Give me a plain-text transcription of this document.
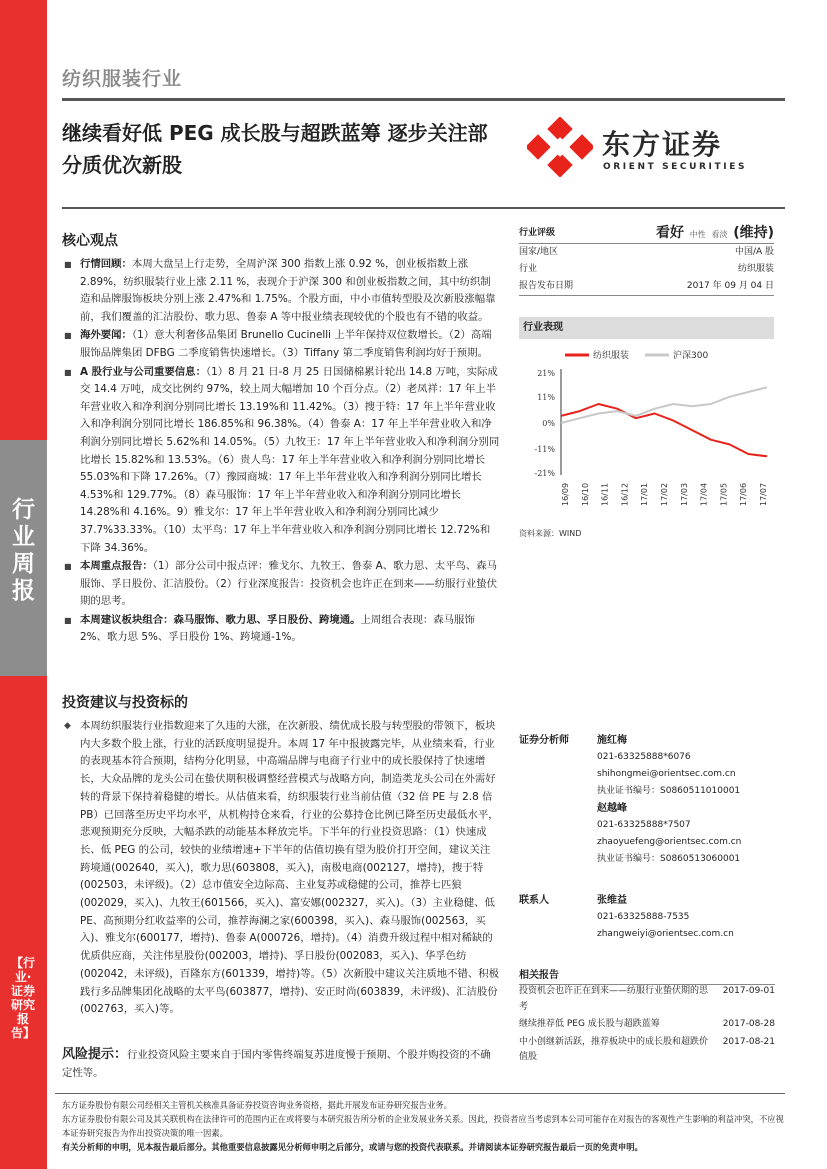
行业周报
【行业·证券研究报告】
纺织服装行业
继续看好低 PEG 成长股与超跌蓝筹 逐步关注部分质优次新股
东方证券
ORIENT SECURITIES
核心观点
■ 行情回顾：本周大盘呈上行走势，全周沪深 300 指数上涨 0.92 %，创业板指数上涨 2.89%，纺织服装行业上涨 2.11 %，表现介于沪深 300 和创业板指数之间，其中纺织制造和品牌服饰板块分别上涨 2.47%和 1.75%。个股方面，中小市值转型股及次新股涨幅靠前，我们覆盖的汇洁股份、歌力思、鲁泰 A 等中报业绩表现较优的个股也有不错的收益。
■ 海外要闻：（1）意大利奢侈品集团 Brunello Cucinelli 上半年保持双位数增长。（2）高端服饰品牌集团 DFBG 二季度销售快速增长。（3）Tiffany 第二季度销售利润均好于预期。
■ A 股行业与公司重要信息：（1）8 月 21 日-8 月 25 日国储棉累计轮出 14.8 万吨，实际成交 14.4 万吨，成交比例约 97%，较上周大幅增加 10 个百分点。（2）老凤祥：17 年上半年营业收入和净利润分别同比增长 13.19%和 11.42%。（3）搜于特：17 年上半年营业收入和净利润分别同比增长 186.85%和 96.38%。（4）鲁泰 A：17 年上半年营业收入和净利润分别同比增长 5.62%和 14.05%。（5）九牧王：17 年上半年营业收入和净利润分别同比增长 15.82%和 13.53%。（6）贵人鸟：17 年上半年营业收入和净利润分别同比增长 55.03%和下降 17.26%。（7）豫园商城：17 年上半年营业收入和净利润分别同比增长 4.53%和 129.77%。（8）森马服饰：17 年上半年营业收入和净利润分别同比增长 14.28%和 4.16%。9）雅戈尔：17 年上半年营业收入和净利润分别同比减少 37.7%33.33%。（10）太平鸟：17 年上半年营业收入和净利润分别同比增长 12.72%和下降 34.36%。
■ 本周重点报告：（1）部分公司中报点评：雅戈尔、九牧王、鲁泰 A、歌力思、太平鸟、森马服饰、孚日股份、汇洁股份。（2）行业深度报告：投资机会也许正在到来——纺服行业蛰伏期的思考。
■ 本周建议板块组合：森马服饰、歌力思、孚日股份、跨境通。上周组合表现：森马服饰 2%、歌力思 5%、孚日股份 1%、跨境通-1%。
投资建议与投资标的
◆ 本周纺织服装行业指数迎来了久违的大涨，在次新股、绩优成长股与转型股的带领下，板块内大多数个股上涨，行业的活跃度明显提升。本周 17 年中报披露完毕，从业绩来看，行业的表现基本符合预期，结构分化明显，中高端品牌与电商子行业中的成长股保持了快速增长，大众品牌的龙头公司在蛰伏期积极调整经营模式与战略方向，制造类龙头公司在外需好转的背景下保持着稳健的增长。从估值来看，纺织服装行业当前估值（32 倍 PE 与 2.8 倍 PB）已回落至历史平均水平，从机构持仓来看，行业的公募持仓比例已降至历史最低水平，悲观预期充分反映，大幅杀跌的动能基本释放完毕。下半年的行业投资思路：（1）快速成长、低 PEG 的公司，较快的业绩增速+下半年的估值切换有望为股价打开空间，建议关注跨境通(002640，买入)，歌力思(603808，买入)，南极电商(002127，增持)，搜于特(002503，未评级)。（2）总市值安全边际高、主业复苏或稳健的公司，推荐七匹狼(002029，买入)、九牧王(601566，买入)、富安娜(002327，买入)。（3）主业稳健、低 PE、高预期分红收益率的公司，推荐海澜之家(600398，买入)、森马服饰(002563，买入)、雅戈尔(600177，增持)、鲁泰 A(000726，增持)。（4）消费升级过程中相对稀缺的优质供应商，关注伟星股份(002003，增持)、孚日股份(002083，买入)、华孚色纺(002042，未评级)，百隆东方(601339，增持)等。（5）次新股中建议关注质地不错、积极践行多品牌集团化战略的太平鸟(603877，增持)、安正时尚(603839，未评级)、汇洁股份(002763，买入)等。
风险提示：行业投资风险主要来自于国内零售终端复苏进度慢于预期、个股并购投资的不确定性等。
行业评级	看好 中性 看淡 (维持)
国家/地区	中国/A 股
行业	纺织服装
报告发布日期	2017 年 09 月 04 日
行业表现
21%
11%
0%
-11%
-21%
16/09 16/10 16/11 16/12 17/01 17/02 17/03 17/04 17/05 17/06 17/07
纺织服装	沪深300
资料来源：WIND
证券分析师	施红梅
021-63325888*6076
shihongmei@orientsec.com.cn
执业证书编号：S0860511010001
赵越峰
021-63325888*7507
zhaoyuefeng@orientsec.com.cn
执业证书编号：S0860513060001
联系人	张维益
021-63325888-7535
zhangweiyi@orientsec.com.cn
相关报告
投资机会也许正在到来——纺服行业蛰伏期的思考
2017-09-01
继续推荐低 PEG 成长股与超跌蓝筹	2017-08-28
中小创继新活跃，推荐板块中的成长股和超跌价值股
2017-08-21
东方证券股份有限公司经相关主管机关核准具备证券投资咨询业务资格，据此开展发布证券研究报告业务。
东方证券股份有限公司及其关联机构在法律许可的范围内正在或将要与本研究报告所分析的企业发展业务关系。因此，投资者应当考虑到本公司可能存在对报告的客观性产生影响的利益冲突，不应视本证券研究报告为作出投资决策的唯一因素。
有关分析师的申明，见本报告最后部分。其他重要信息披露见分析师申明之后部分，或请与您的投资代表联系。并请阅读本证券研究报告最后一页的免责申明。
